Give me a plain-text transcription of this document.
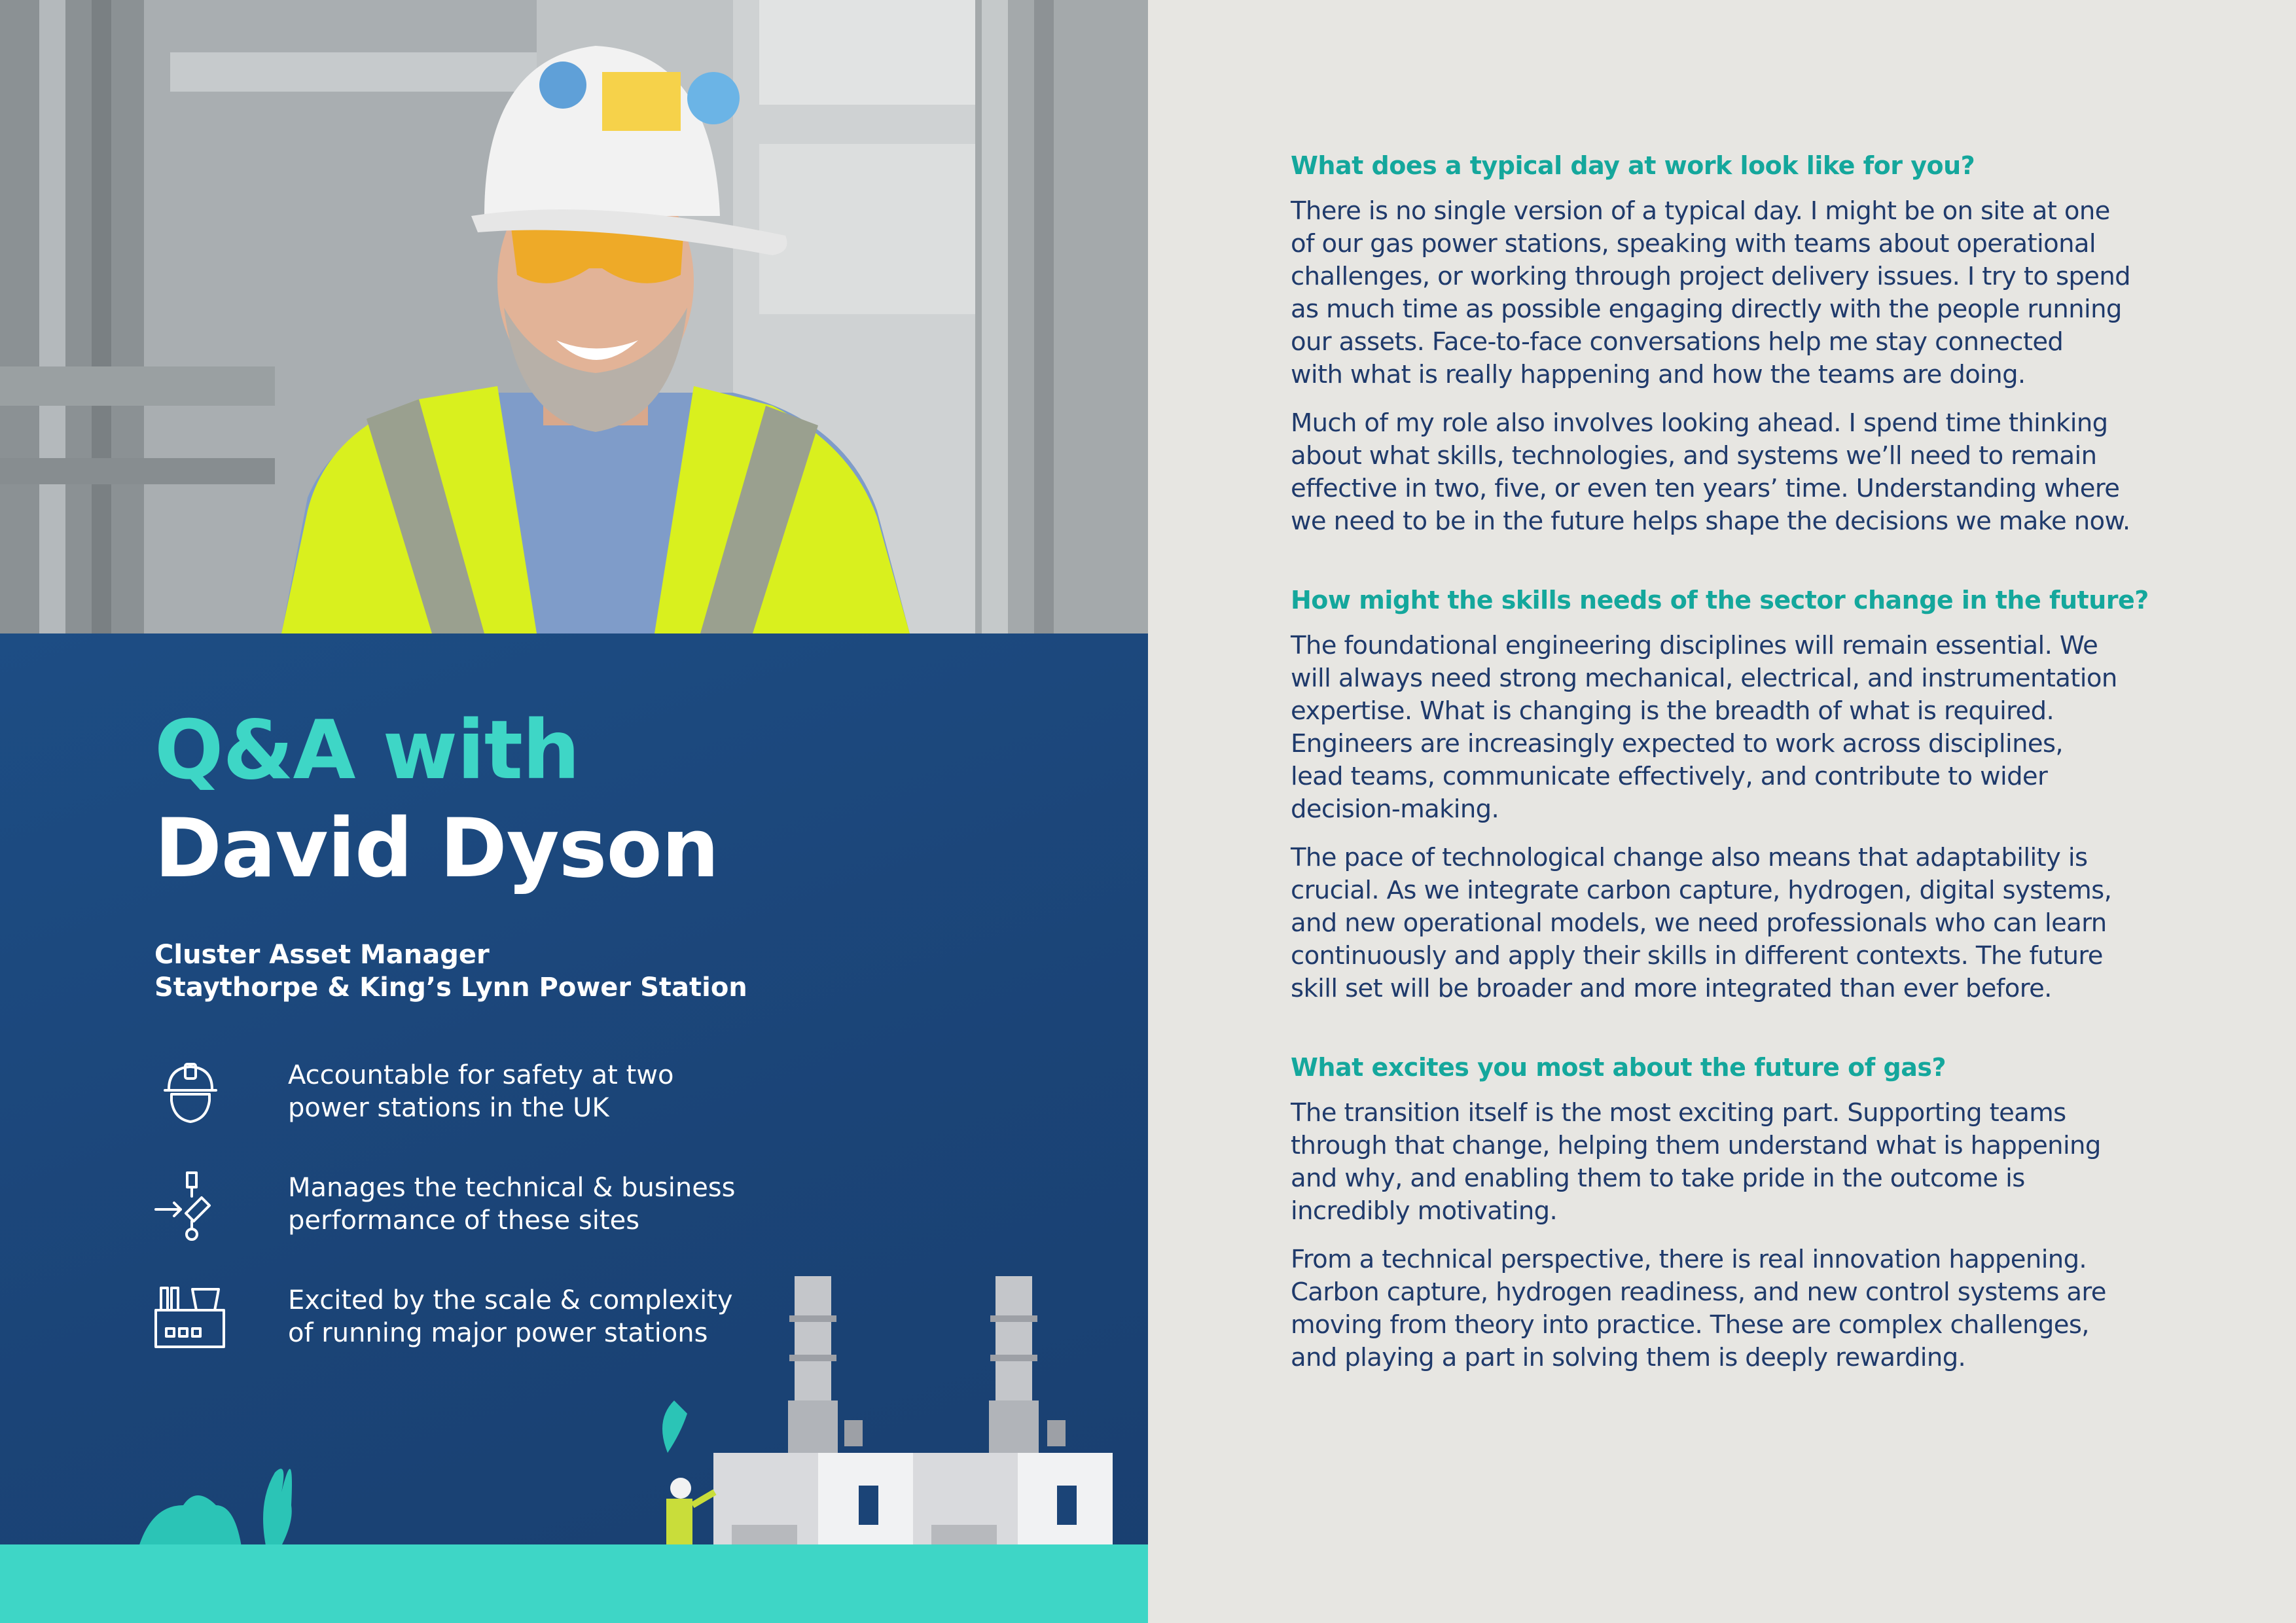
Q&A with
David Dyson
Cluster Asset Manager
Staythorpe & King’s Lynn Power Station
Accountable for safety at two
power stations in the UK
Manages the technical & business
performance of these sites
Excited by the scale & complexity
of running major power stations
What does a typical day at work look like for you?
There is no single version of a typical day. I might be on site at one
of our gas power stations, speaking with teams about operational
challenges, or working through project delivery issues. I try to spend
as much time as possible engaging directly with the people running
our assets. Face-to-face conversations help me stay connected
with what is really happening and how the teams are doing.
Much of my role also involves looking ahead. I spend time thinking
about what skills, technologies, and systems we’ll need to remain
effective in two, five, or even ten years’ time. Understanding where
we need to be in the future helps shape the decisions we make now.
How might the skills needs of the sector change in the future?
The foundational engineering disciplines will remain essential. We
will always need strong mechanical, electrical, and instrumentation
expertise. What is changing is the breadth of what is required.
Engineers are increasingly expected to work across disciplines,
lead teams, communicate effectively, and contribute to wider
decision-making.
The pace of technological change also means that adaptability is
crucial. As we integrate carbon capture, hydrogen, digital systems,
and new operational models, we need professionals who can learn
continuously and apply their skills in different contexts. The future
skill set will be broader and more integrated than ever before.
What excites you most about the future of gas?
The transition itself is the most exciting part. Supporting teams
through that change, helping them understand what is happening
and why, and enabling them to take pride in the outcome is
incredibly motivating.
From a technical perspective, there is real innovation happening.
Carbon capture, hydrogen readiness, and new control systems are
moving from theory into practice. These are complex challenges,
and playing a part in solving them is deeply rewarding.
